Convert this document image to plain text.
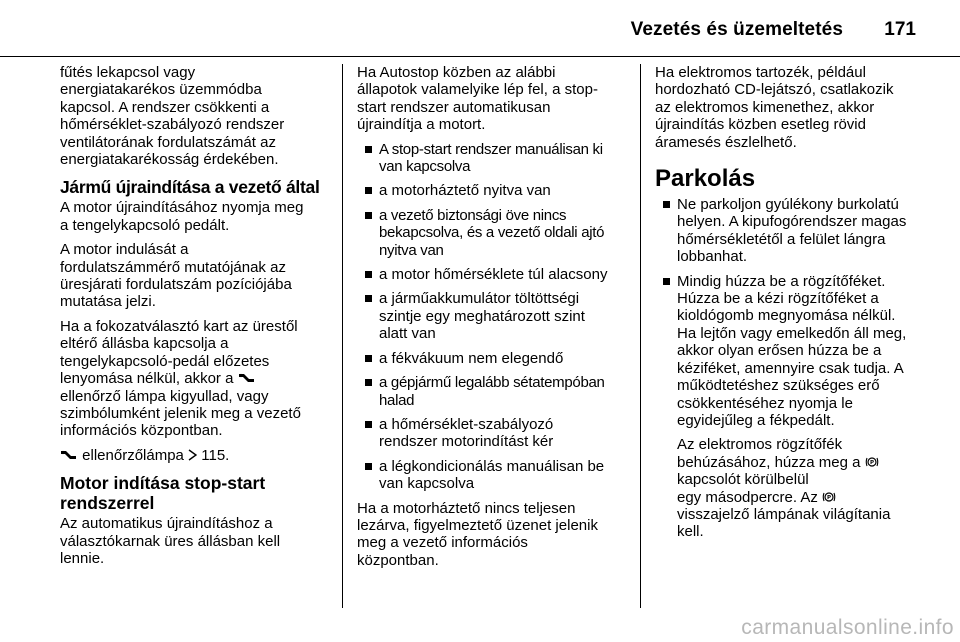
Vezetés és üzemeltetés 171

fűtés lekapcsol vagy
energiatakarékos üzemmódba
kapcsol. A rendszer csökkenti a
hőmérséklet-szabályozó rendszer
ventilátorának fordulatszámát az
energiatakarékosság érdekében.

Jármű újraindítása a vezető által

A motor újraindításához nyomja meg
a tengelykapcsoló pedált.

A motor indulását a
fordulatszámmérő mutatójának az
üresjárati fordulatszám pozíciójába
mutatása jelzi.

Ha a fokozatválasztó kart az ürestől
eltérő állásba kapcsolja a
tengelykapcsoló-pedál előzetes
lenyomása nélkül, akkor a
ellenőrző lámpa kigyullad, vagy
szimbólumként jelenik meg a vezető
információs központban.

ellenőrzőlámpa 115.

Motor indítása stop-start
rendszerrel

Az automatikus újraindításhoz a
választókarnak üres állásban kell
lennie.

Ha Autostop közben az alábbi
állapotok valamelyike lép fel, a stop-
start rendszer automatikusan
újraindítja a motort.

A stop-start rendszer manuálisan ki
van kapcsolva
a motorháztető nyitva van
a vezető biztonsági öve nincs
bekapcsolva, és a vezető oldali ajtó
nyitva van
a motor hőmérséklete túl alacsony
a járműakkumulátor töltöttségi
szintje egy meghatározott szint
alatt van
a fékvákuum nem elegendő
a gépjármű legalább sétatempóban
halad
a hőmérséklet-szabályozó
rendszer motorindítást kér
a légkondicionálás manuálisan be
van kapcsolva

Ha a motorháztető nincs teljesen
lezárva, figyelmeztető üzenet jelenik
meg a vezető információs
központban.

Ha elektromos tartozék, például
hordozható CD-lejátszó, csatlakozik
az elektromos kimenethez, akkor
újraindítás közben esetleg rövid
áramesés észlelhető.

Parkolás
Ne parkoljon gyúlékony burkolatú
helyen. A kipufogórendszer magas
hőmérsékletétől a felület lángra
lobbanhat.
Mindig húzza be a rögzítőféket.
Húzza be a kézi rögzítőféket a
kioldógomb megnyomása nélkül.
Ha lejtőn vagy emelkedőn áll meg,
akkor olyan erősen húzza be a
kéziféket, amennyire csak tudja. A
működtetéshez szükséges erő
csökkentéséhez nyomja le
egyidejűleg a fékpedált.
Az elektromos rögzítőfék
behúzásához, húzza meg a P

kapcsolót körülbelül
egy másodpercre. Az P

visszajelző lámpának világítania
kell.
carmanualsonline.info
